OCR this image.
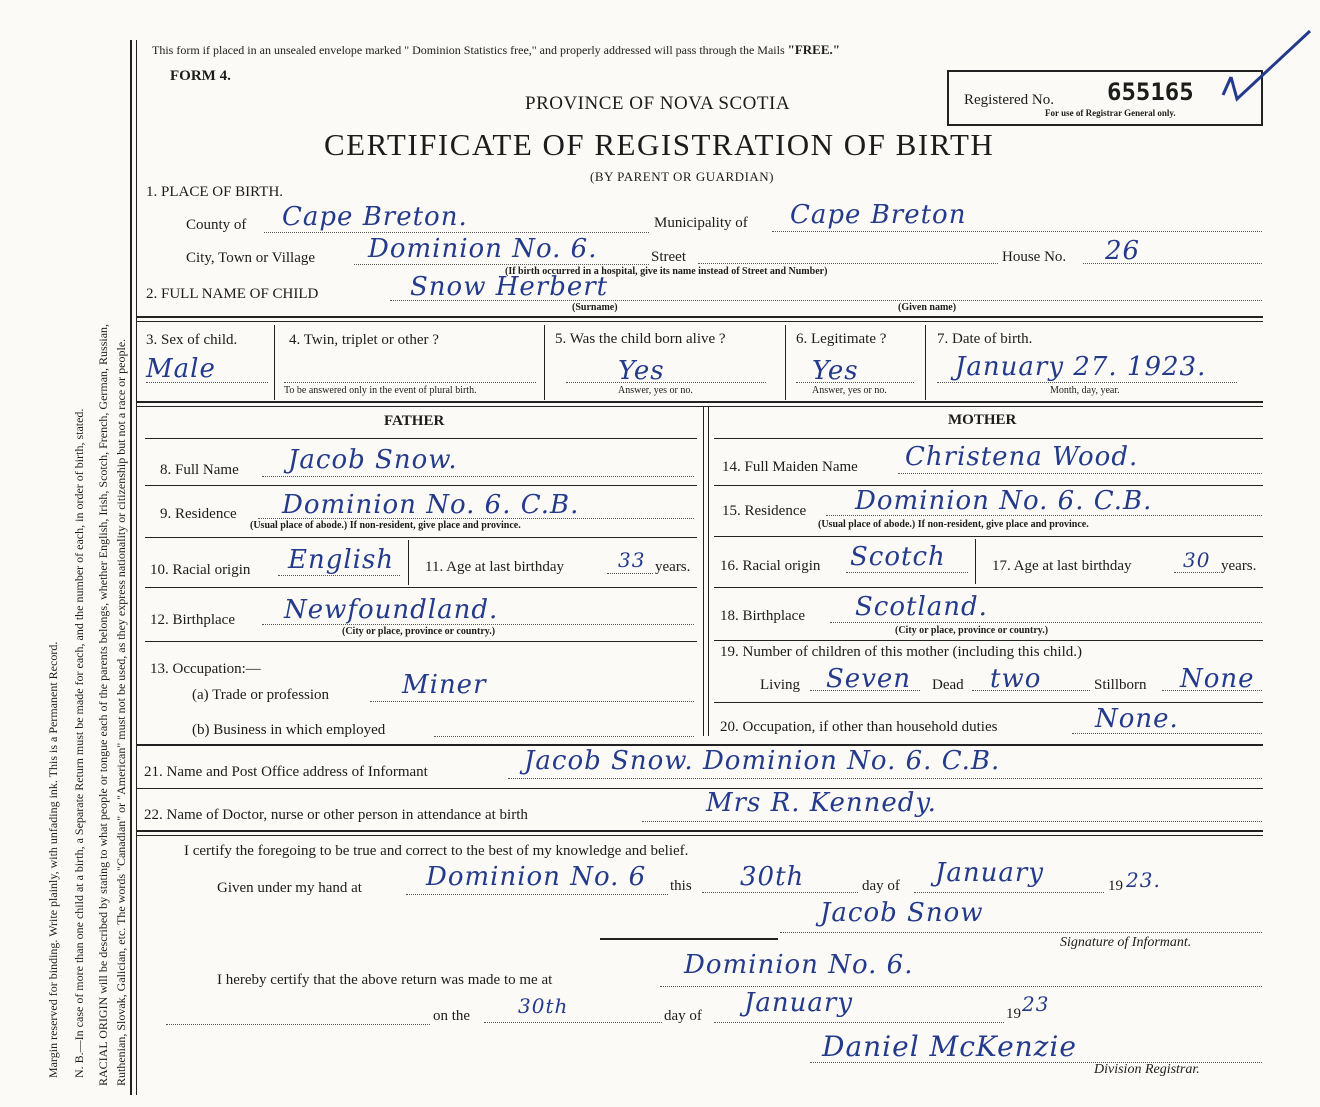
Margin reserved for binding. Write plainly, with unfading ink. This is a Permanent Record. N. B.—In case of more than one child at a birth, a Separate Return must be made for each, and the number of each, in order of birth, stated. RACIAL ORIGIN will be described by stating to what people or tongue each of the parents belongs, whether English, Irish, Scotch, French, German, Russian, Ruthenian, Slovak, Galician, etc. The words "Canadian" or "American" must not be used, as they express nationality or citizenship but not a race or people.
This form if placed in an unsealed envelope marked " Dominion Statistics free," and properly addressed will pass through the Mails "FREE."
FORM 4.
PROVINCE OF NOVA SCOTIA
CERTIFICATE OF REGISTRATION OF BIRTH
(BY PARENT OR GUARDIAN)
Registered No. 655165
For use of Registrar General only.
1. PLACE OF BIRTH.
County of Cape Breton.	Municipality of Cape Breton
City, Town or Village Dominion No. 6.	Street	House No. 26
(If birth occurred in a hospital, give its name instead of Street and Number)
2. FULL NAME OF CHILD	Snow Herbert
(Surname)	(Given name)
3. Sex of child.
Male
4. Twin, triplet or other ?
To be answered only in the event of plural birth.
5. Was the child born alive ?
Yes
Answer, yes or no.
6. Legitimate ?
Yes
Answer, yes or no.
7. Date of birth.
January 27. 1923.
Month, day, year.
FATHER
8. Full Name Jacob Snow.
9. Residence Dominion No. 6. C.B.
(Usual place of abode.) If non-resident, give place and province.
10. Racial origin English 11. Age at last birthday	33 years.
12. Birthplace Newfoundland.
(City or place, province or country.)
13. Occupation:—
(a) Trade or profession	Miner
(b) Business in which employed
MOTHER
14. Full Maiden Name Christena Wood.
15. Residence Dominion No. 6. C.B.
(Usual place of abode.) If non-resident, give place and province.
16. Racial origin Scotch	17. Age at last birthday	30 years.
18. Birthplace Scotland.
(City or place, province or country.)
19. Number of children of this mother (including this child.)
Living Seven Dead two	Stillborn None
20. Occupation, if other than household duties	None.
21. Name and Post Office address of Informant	Jacob Snow. Dominion No. 6. C.B.
22. Name of Doctor, nurse or other person in attendance at birth	Mrs R. Kennedy.
I certify the foregoing to be true and correct to the best of my knowledge and belief.
Given under my hand at Dominion No. 6 this 30th	day of January	19 23.
Jacob Snow
Signature of Informant.
I hereby certify that the above return was made to me at	Dominion No. 6.
on the 30th	day of January	19 23
Daniel McKenzie
Division Registrar.
